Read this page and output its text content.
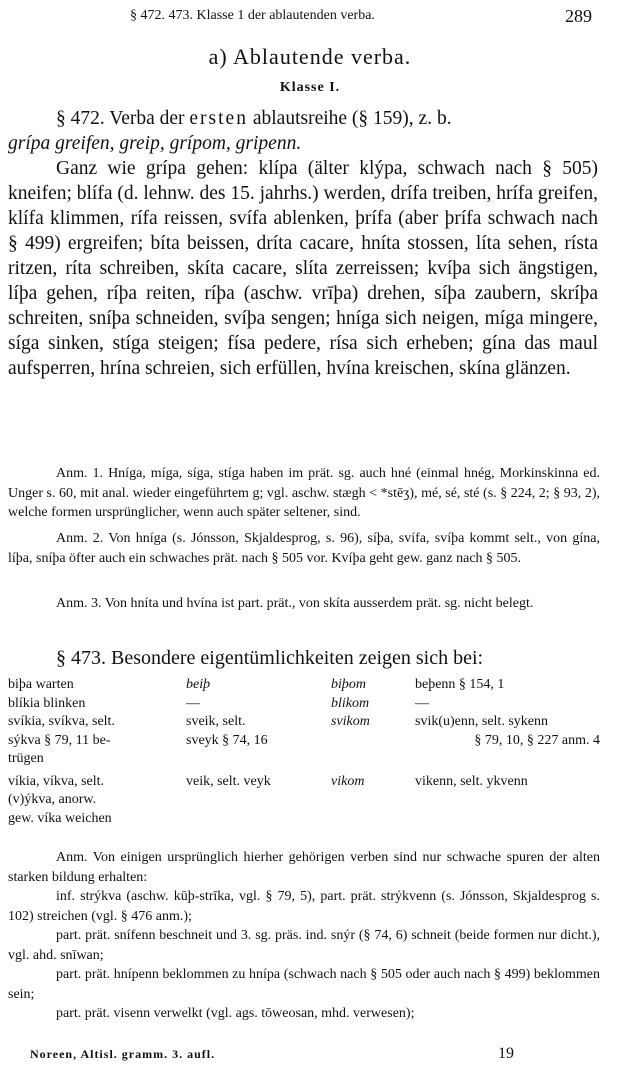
§ 472. 473. Klasse 1 der ablautenden verba.	289
a) Ablautende verba.
Klasse I.
§ 472. Verba der ersten ablautsreihe (§ 159), z. b.
grípa greifen, greip, grípom, gripenn.
Ganz wie grípa gehen: klípa (älter klýpa, schwach nach § 505) kneifen; blífa (d. lehnw. des 15. jahrhs.) werden, drífa treiben, hrífa greifen, klífa klimmen, rífa reissen, svífa ablenken, þrífa (aber þrífa schwach nach § 499) ergreifen; bíta beissen, dríta cacare, hníta stossen, líta sehen, rísta ritzen, ríta schreiben, skíta cacare, slíta zerreissen; kvíþa sich ängstigen, líþa gehen, ríþa reiten, ríþa (aschw. vrīþa) drehen, síþa zaubern, skríþa schreiten, sníþa schneiden, svíþa sengen; hníga sich neigen, míga mingere, síga sinken, stíga steigen; físa pedere, rísa sich erheben; gína das maul aufsperren, hrína schreien, sich erfüllen, hvína kreischen, skína glänzen.
Anm. 1. Hníga, míga, síga, stíga haben im prät. sg. auch hné (einmal hnég, Morkinskinna ed. Unger s. 60, mit anal. wieder eingeführtem g; vgl. aschw. stægh < *stēʒ), mé, sé, sté (s. § 224, 2; § 93, 2), welche formen ursprünglicher, wenn auch später seltener, sind.
Anm. 2. Von hníga (s. Jónsson, Skjaldesprog, s. 96), síþa, svífa, svíþa kommt selt., von gína, líþa, sníþa öfter auch ein schwaches prät. nach § 505 vor. Kvíþa geht gew. ganz nach § 505.
Anm. 3. Von hníta und hvína ist part. prät., von skíta ausserdem prät. sg. nicht belegt.
§ 473. Besondere eigentümlichkeiten zeigen sich bei:
biþa warten	beiþ	biþom	beþenn § 154, 1
blíkia blinken	—	blikom	—
svíkia, svíkva, selt.	sveik, selt.	svikom	svik(u)enn, selt. sykenn
sýkva § 79, 11 be-	sveyk § 74, 16		§ 79, 10, § 227 anm. 4
trügen			
víkia, víkva, selt.	veik, selt. veyk	vikom	vikenn, selt. ykvenn
(v)ýkva, anorw.			
gew. víka weichen			
Anm. Von einigen ursprünglich hierher gehörigen verben sind nur schwache spuren der alten starken bildung erhalten:
inf. strýkva (aschw. kūþ-strīka, vgl. § 79, 5), part. prät. strýkvenn (s. Jónsson, Skjaldesprog s. 102) streichen (vgl. § 476 anm.);
part. prät. snífenn beschneit und 3. sg. präs. ind. snýr (§ 74, 6) schneit (beide formen nur dicht.), vgl. ahd. snīwan;
part. prät. hnípenn beklommen zu hnípa (schwach nach § 505 oder auch nach § 499) beklommen sein;
part. prät. visenn verwelkt (vgl. ags. tōweosan, mhd. verwesen);
Noreen, Altisl. gramm. 3. aufl.	19
